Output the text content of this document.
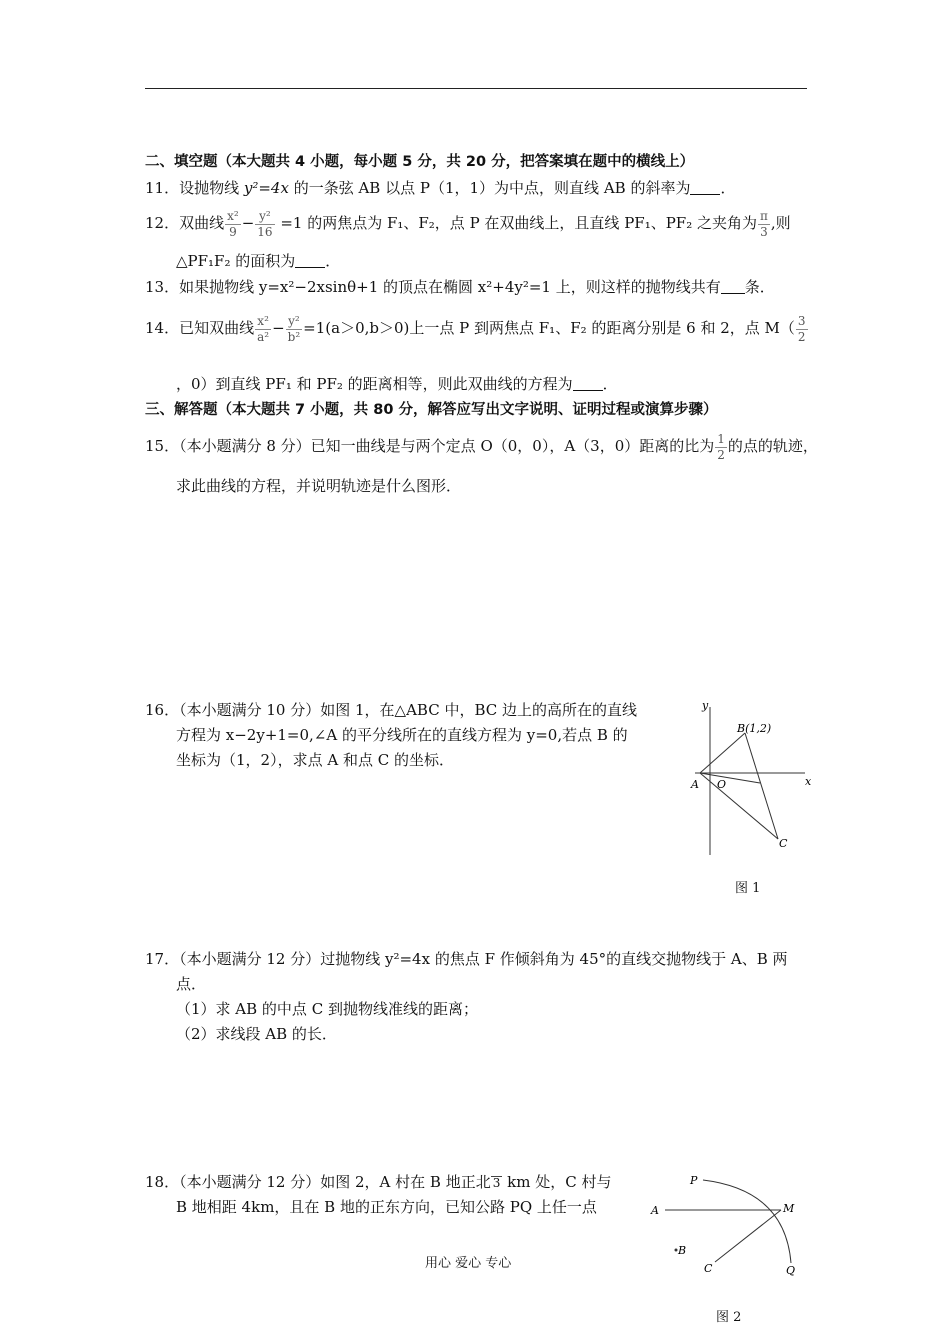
二、填空题（本大题共 4 小题，每小题 5 分，共 20 分，把答案填在题中的横线上）
11．设抛物线 y²=4x 的一条弦 AB 以点 P（1，1）为中点，则直线 AB 的斜率为 ．
12．双曲线 $\frac{\text{x²}}{9} - \frac{\text{y²}}{16} =1$ 的两焦点为 F₁、F₂，点 P 在双曲线上，且直线 PF₁、PF₂ 之夹角为 $\frac{\pi}{3}$ ,则
△PF₁F₂ 的面积为 ．
13．如果抛物线 y=x²−2xsinθ+1 的顶点在椭圆 x²+4y²=1 上，则这样的抛物线共有 条．
14．已知双曲线 $\frac{\text{x²}}{\text{a²}} - \frac{\text{y²}}{\text{b²}} =1(a>0,b>0)$上一点 P 到两焦点 F₁、F₂ 的距离分别是 6 和 2，点 $M( \frac{3}{2}$
，0）到直线 PF₁ 和 PF₂ 的距离相等，则此双曲线的方程为 ．
三、解答题（本大题共 7 小题，共 80 分，解答应写出文字说明、证明过程或演算步骤）
15．（本小题满分 8 分）已知一曲线是与两个定点 O（0，0），A（3，0）距离的比为 $\frac{1}{2}$ 的点的轨迹，
求此曲线的方程，并说明轨迹是什么图形．
16．（本小题满分 10 分）如图 1，在△ABC 中，BC 边上的高所在的直线
方程为 x−2y+1=0,∠A 的平分线所在的直线方程为 y=0,若点 B 的
坐标为（1，2），求点 A 和点 C 的坐标．
y
x
A O
B(1,2)
C
图 1
17．（本小题满分 12 分）过抛物线 y²=4x 的焦点 F 作倾斜角为 45°的直线交抛物线于 A、B 两
点．
（1）求 AB 的中点 C 到抛物线准线的距离；
（2）求线段 AB 的长．
18．（本小题满分 12 分）如图 2，A 村在 B 地正北 3 km 处，C 村与
B 地相距 4km，且在 B 地的正东方向，已知公路 PQ 上任一点
P
M
A
B
C	Q
图 2
用心 爱心 专心
